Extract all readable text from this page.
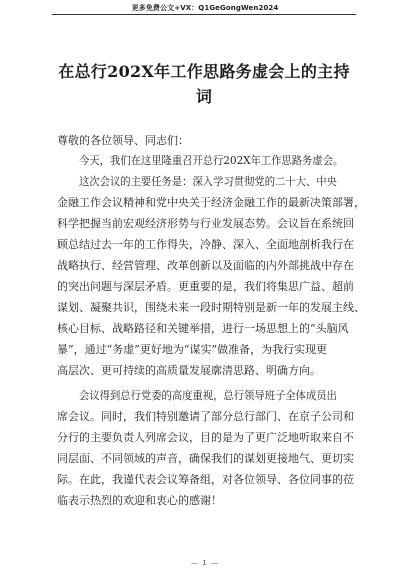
更多免费公文+VX：Q1GeGongWen2024
在总行202X年工作思路务虚会上的主持
词
尊敬的各位领导、同志们：
今天，我们在这里隆重召开总行202X年工作思路务虚会。
这次会议的主要任务是：深入学习贯彻党的二十大、中央
金融工作会议精神和党中央关于经济金融工作的最新决策部署，
科学把握当前宏观经济形势与行业发展态势。会议旨在系统回
顾总结过去一年的工作得失，冷静、深入、全面地剖析我行在
战略执行、经营管理、改革创新以及面临的内外部挑战中存在
的突出问题与深层矛盾。更重要的是，我们将集思广益、超前
谋划、凝聚共识，围绕未来一段时期特别是新一年的发展主线、
核心目标、战略路径和关键举措，进行一场思想上的“头脑风
暴”，通过“务虚”更好地为“谋实”做准备，为我行实现更
高层次、更可持续的高质量发展廓清思路、明确方向。
会议得到总行党委的高度重视，总行领导班子全体成员出
席会议。同时，我们特别邀请了部分总行部门、在京子公司和
分行的主要负责人列席会议，目的是为了更广泛地听取来自不
同层面、不同领域的声音，确保我们的谋划更接地气、更切实
际。在此，我谨代表会议筹备组，对各位领导、各位同事的莅
临表示热烈的欢迎和衷心的感谢！
— 1 —
